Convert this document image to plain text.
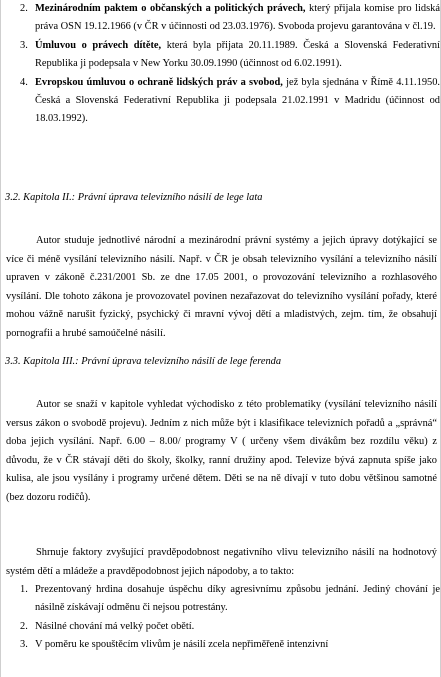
2. Mezinárodním paktem o občanských a politických právech, který přijala komise pro lidská práva OSN 19.12.1966 (v ČR v účinnosti od 23.03.1976). Svoboda projevu garantována v čl.19.
3. Úmluvou o právech dítěte, která byla přijata 20.11.1989. Česká a Slovenská Federativní Republika ji podepsala v New Yorku 30.09.1990 (účinnost od 6.02.1991).
4. Evropskou úmluvou o ochraně lidských práv a svobod, jež byla sjednána v Římě 4.11.1950. Česká a Slovenská Federativní Republika ji podepsala 21.02.1991 v Madridu (účinnost od 18.03.1992).
3.2. Kapitola II.: Právní úprava televizního násilí de lege lata

Autor studuje jednotlivé národní a mezinárodní právní systémy a jejich úpravy dotýkající se více či méně vysílání televizního násilí. Např. v ČR je obsah televizního vysílání a televizního násilí upraven v zákoně č.231/2001 Sb. ze dne 17.05 2001, o provozování televizního a rozhlasového vysílání. Dle tohoto zákona je provozovatel povinen nezařazovat do televizního vysílání pořady, které mohou vážně narušit fyzický, psychický či mravní vývoj dětí a mladistvých, zejm. tím, že obsahují pornografii a hrubé samoúčelné násilí.

3.3. Kapitola III.: Právní úprava televizního násilí de lege ferenda

Autor se snaží v kapitole vyhledat východisko z této problematiky (vysílání televizního násilí versus zákon o svobodě projevu). Jedním z nich může být i klasifikace televizních pořadů a „správná“ doba jejich vysílání. Např. 6.00 – 8.00/ programy V ( určeny všem divákům bez rozdílu věku) z důvodu, že v ČR stávají děti do školy, školky, ranní družiny apod. Televize bývá zapnuta spíše jako kulisa, ale jsou vysílány i programy určené dětem. Děti se na ně dívají v tuto dobu většinou samotné (bez dozoru rodičů).

Shrnuje faktory zvyšující pravděpodobnost negativního vlivu televizního násilí na hodnotový systém dětí a mládeže a pravděpodobnost jejich nápodoby, a to takto:

1. Prezentovaný hrdina dosahuje úspěchu díky agresivnímu způsobu jednání. Jediný chování je násilně získávají odměnu či nejsou potrestány.
2. Násilné chování má velký počet obětí.
3. V poměru ke spouštěcím vlivům je násilí zcela nepřiměřeně intenzivní
